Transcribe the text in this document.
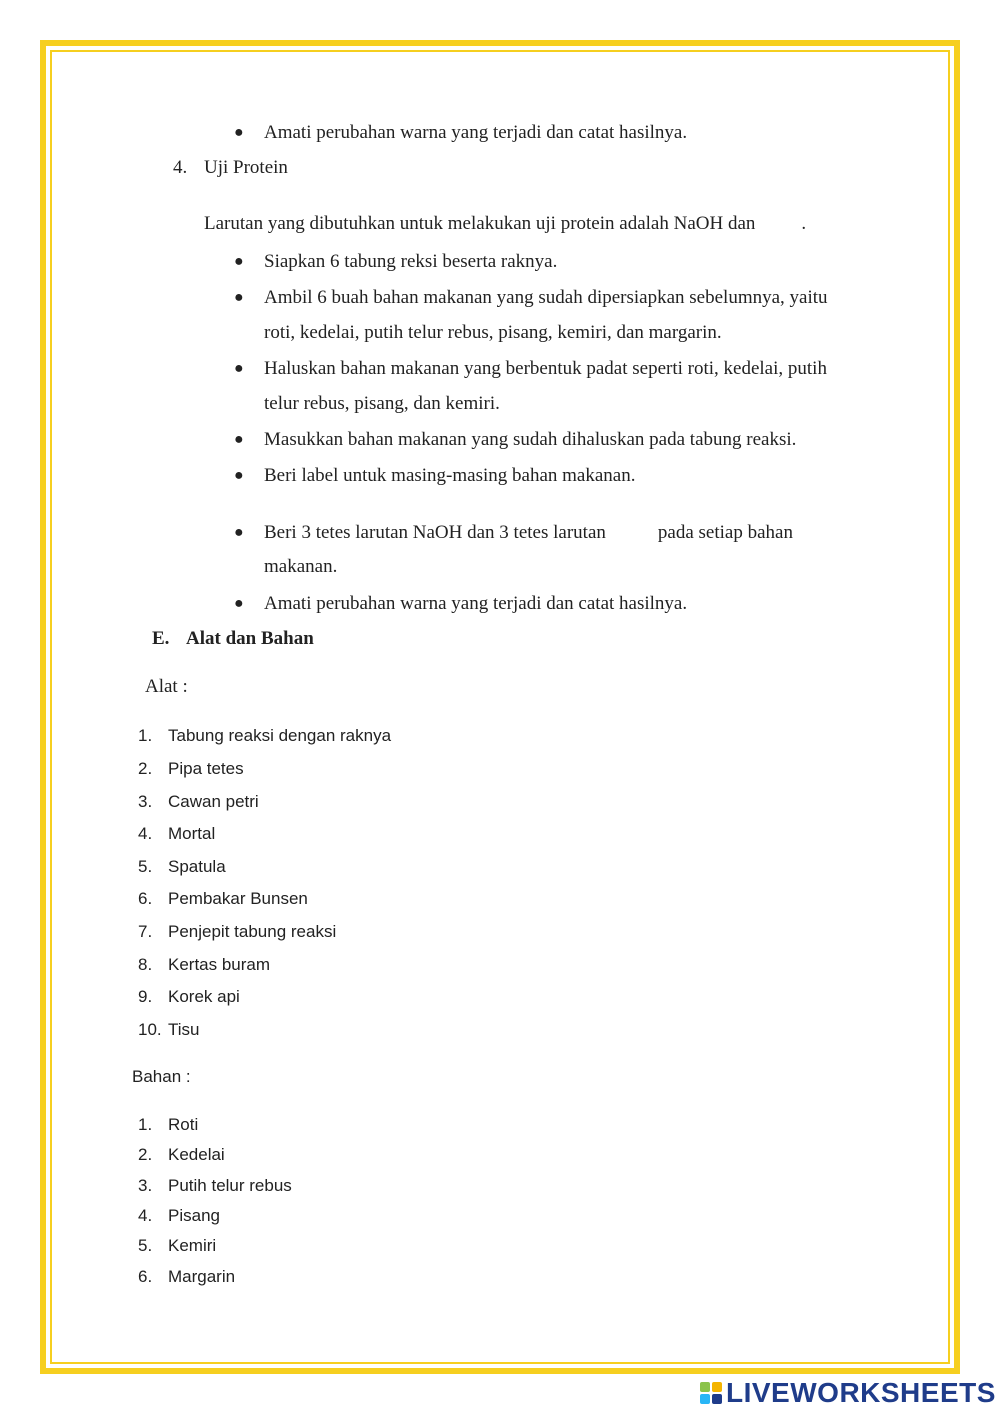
● Amati perubahan warna yang terjadi dan catat hasilnya.
4. Uji Protein
Larutan yang dibutuhkan untuk melakukan uji protein adalah NaOH dan .
● Siapkan 6 tabung reksi beserta raknya.
● Ambil 6 buah bahan makanan yang sudah dipersiapkan sebelumnya, yaitu
roti, kedelai, putih telur rebus, pisang, kemiri, dan margarin.
● Haluskan bahan makanan yang berbentuk padat seperti roti, kedelai, putih
telur rebus, pisang, dan kemiri.
● Masukkan bahan makanan yang sudah dihaluskan pada tabung reaksi.
● Beri label untuk masing-masing bahan makanan.
● Beri 3 tetes larutan NaOH dan 3 tetes larutan	pada setiap bahan
makanan.
● Amati perubahan warna yang terjadi dan catat hasilnya.
E. Alat dan Bahan
Alat :
1. Tabung reaksi dengan raknya
2. Pipa tetes
3. Cawan petri
4. Mortal
5. Spatula
6. Pembakar Bunsen
7. Penjepit tabung reaksi
8. Kertas buram
9. Korek api
10. Tisu
Bahan :
1. Roti
2. Kedelai
3. Putih telur rebus
4. Pisang
5. Kemiri
6. Margarin
LIVEWORKSHEETS
